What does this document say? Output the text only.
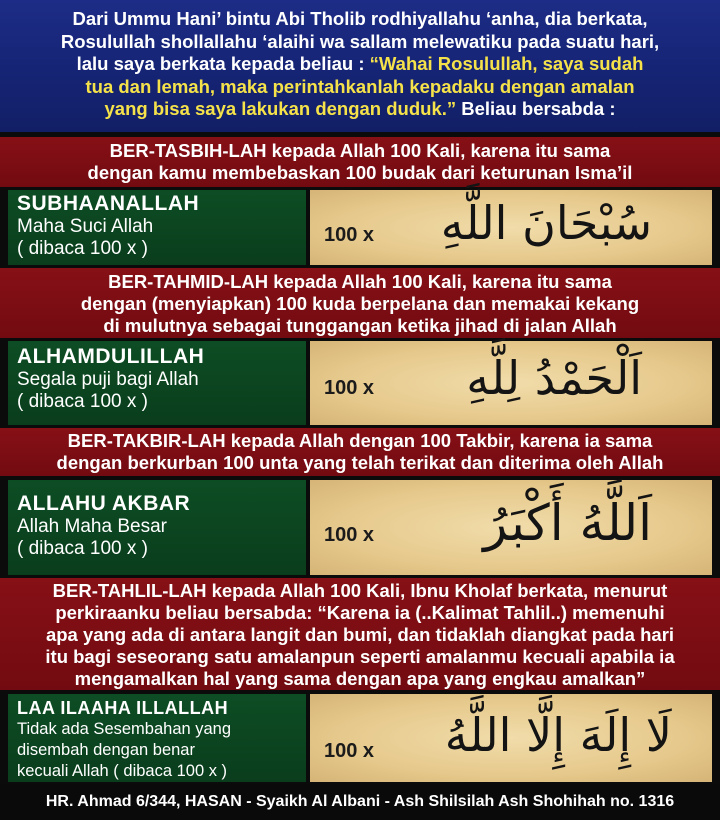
Dari Ummu Hani’ bintu Abi Tholib rodhiyallahu ‘anha, dia berkata,
Rosulullah shollallahu ‘alaihi wa sallam melewatiku pada suatu hari,
lalu saya berkata kepada beliau : “Wahai Rosulullah, saya sudah
tua dan lemah, maka perintahkanlah kepadaku dengan amalan
yang bisa saya lakukan dengan duduk.” Beliau bersabda :
BER-TASBIH-LAH kepada Allah 100 Kali, karena itu sama
dengan kamu membebaskan 100 budak dari keturunan Isma’il
SUBHAANALLAH
Maha Suci Allah
( dibaca 100 x )
100 x سُبْحَانَ اللَّهِ
BER-TAHMID-LAH kepada Allah 100 Kali, karena itu sama
dengan (menyiapkan) 100 kuda berpelana dan memakai kekang
di mulutnya sebagai tunggangan ketika jihad di jalan Allah
ALHAMDULILLAH
Segala puji bagi Allah
( dibaca 100 x )
100 x اَلْحَمْدُ لِلَّهِ
BER-TAKBIR-LAH kepada Allah dengan 100 Takbir, karena ia sama
dengan berkurban 100 unta yang telah terikat dan diterima oleh Allah
ALLAHU AKBAR
Allah Maha Besar
( dibaca 100 x )
100 x اَللَّهُ أَكْبَرُ
BER-TAHLIL-LAH kepada Allah 100 Kali, Ibnu Kholaf berkata, menurut
perkiraanku beliau bersabda: “Karena ia (..Kalimat Tahlil..) memenuhi
apa yang ada di antara langit dan bumi, dan tidaklah diangkat pada hari
itu bagi seseorang satu amalanpun seperti amalanmu kecuali apabila ia
mengamalkan hal yang sama dengan apa yang engkau amalkan”
LAA ILAAHA ILLALLAH
Tidak ada Sesembahan yang
disembah dengan benar
kecuali Allah ( dibaca 100 x )
100 x لَا إِلَهَ إِلَّا اللَّهُ
HR. Ahmad 6/344, HASAN - Syaikh Al Albani - Ash Shilsilah Ash Shohihah no. 1316
